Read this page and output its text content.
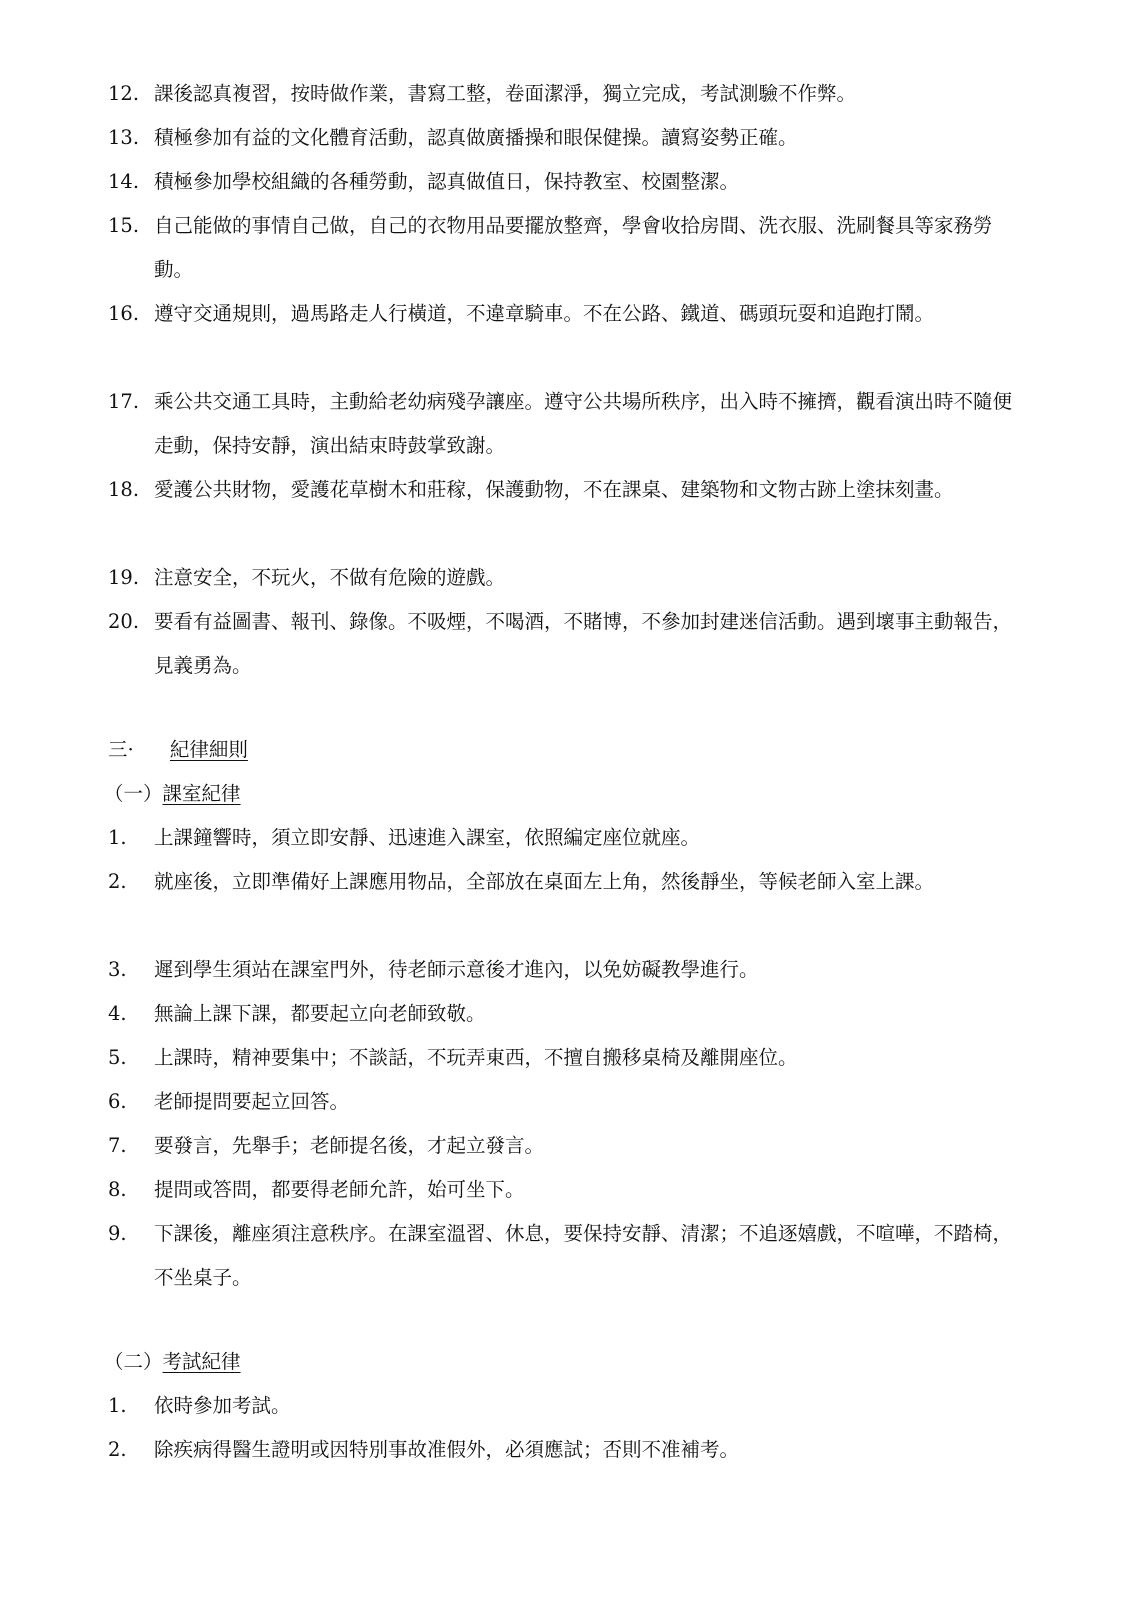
12. 課後認真複習，按時做作業，書寫工整，卷面潔淨，獨立完成，考試測驗不作弊。
13. 積極參加有益的文化體育活動，認真做廣播操和眼保健操。讀寫姿勢正確。
14. 積極參加學校組織的各種勞動，認真做值日，保持教室、校園整潔。
15. 自己能做的事情自己做，自己的衣物用品要擺放整齊，學會收拾房間、洗衣服、洗刷餐具等家務勞動。
16. 遵守交通規則，過馬路走人行橫道，不違章騎車。不在公路、鐵道、碼頭玩耍和追跑打鬧。
17. 乘公共交通工具時，主動給老幼病殘孕讓座。遵守公共場所秩序，出入時不擁擠，觀看演出時不隨便走動，保持安靜，演出結束時鼓掌致謝。
18. 愛護公共財物，愛護花草樹木和莊稼，保護動物，不在課桌、建築物和文物古跡上塗抹刻畫。
19. 注意安全，不玩火，不做有危險的遊戲。
20. 要看有益圖書、報刊、錄像。不吸煙，不喝酒，不賭博，不參加封建迷信活動。遇到壞事主動報告，見義勇為。
三· 紀律細則
（一）課室紀律
1.	上課鐘響時，須立即安靜、迅速進入課室，依照編定座位就座。
2.	就座後，立即準備好上課應用物品，全部放在桌面左上角，然後靜坐，等候老師入室上課。
3.	遲到學生須站在課室門外，待老師示意後才進內，以免妨礙教學進行。
4.	無論上課下課，都要起立向老師致敬。
5.	上課時，精神要集中；不談話，不玩弄東西，不擅自搬移桌椅及離開座位。
6.	老師提問要起立回答。
7.	要發言，先舉手；老師提名後，才起立發言。
8.	提問或答問，都要得老師允許，始可坐下。
9.	下課後，離座須注意秩序。在課室溫習、休息，要保持安靜、清潔；不追逐嬉戲，不喧嘩，不踏椅，不坐桌子。
（二）考試紀律
1.	依時參加考試。
2.	除疾病得醫生證明或因特別事故准假外，必須應試；否則不准補考。
